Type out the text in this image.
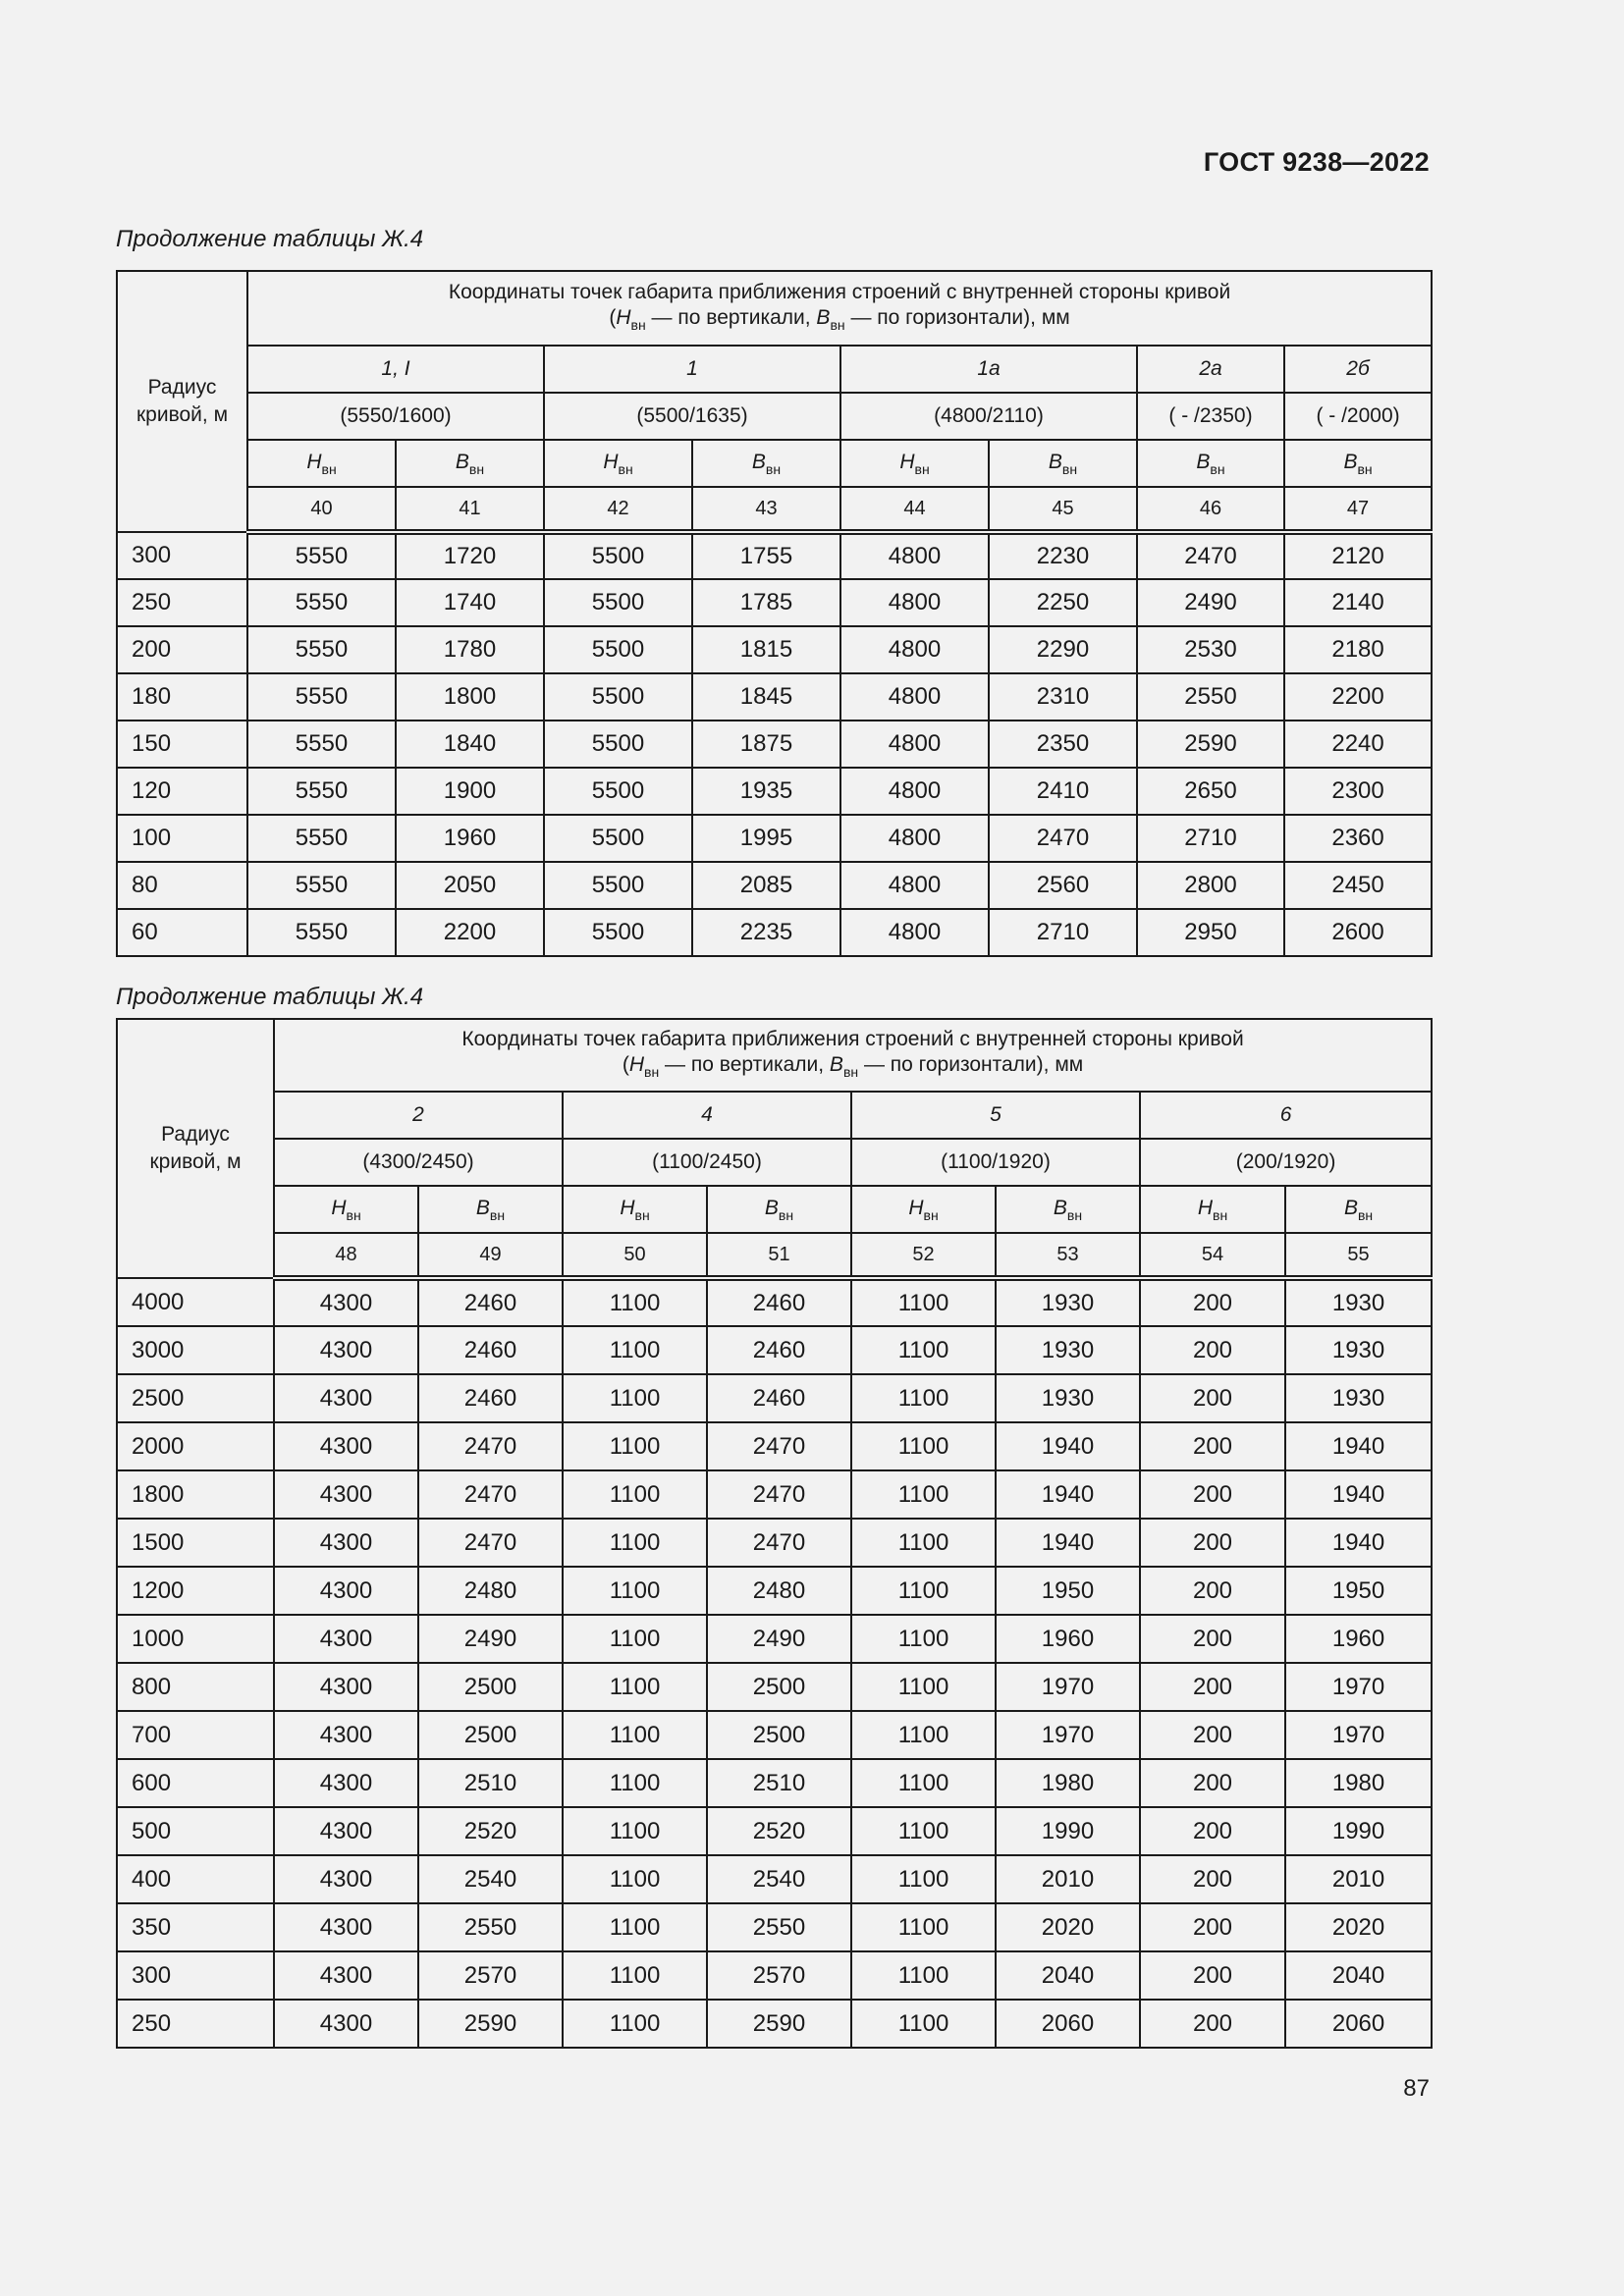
ГОСТ 9238—2022
Продолжение таблицы Ж.4
Радиус кривой, м	Координаты точек габарита приближения строений с внутренней стороны кривой
($H_{вн}$ — по вертикали, $B_{вн}$ — по горизонтали), мм							
	1, I		1		1а		2а	2б
	(5550/1600)		(5500/1635)		(4800/2110)		( - /2350)	( - /2000)
	$H_{вн}$	$B_{вн}$	$H_{вн}$	$B_{вн}$	$H_{вн}$	$B_{вн}$	$B_{вн}$	$B_{вн}$
	40	41	42	43	44	45	46	47
300	5550	1720	5500	1755	4800	2230	2470	2120
250	5550	1740	5500	1785	4800	2250	2490	2140
200	5550	1780	5500	1815	4800	2290	2530	2180
180	5550	1800	5500	1845	4800	2310	2550	2200
150	5550	1840	5500	1875	4800	2350	2590	2240
120	5550	1900	5500	1935	4800	2410	2650	2300
100	5550	1960	5500	1995	4800	2470	2710	2360
80	5550	2050	5500	2085	4800	2560	2800	2450
60	5550	2200	5500	2235	4800	2710	2950	2600
Продолжение таблицы Ж.4
Радиус кривой, м	Координаты точек габарита приближения строений с внутренней стороны кривой
($H_{вн}$ — по вертикали, $B_{вн}$ — по горизонтали), мм							
	2		4		5		6	
	(4300/2450)		(1100/2450)		(1100/1920)		(200/1920)	
	$H_{вн}$	$B_{вн}$	$H_{вн}$	$B_{вн}$	$H_{вн}$	$B_{вн}$	$H_{вн}$	$B_{вн}$
	48	49	50	51	52	53	54	55
4000	4300	2460	1100	2460	1100	1930	200	1930
3000	4300	2460	1100	2460	1100	1930	200	1930
2500	4300	2460	1100	2460	1100	1930	200	1930
2000	4300	2470	1100	2470	1100	1940	200	1940
1800	4300	2470	1100	2470	1100	1940	200	1940
1500	4300	2470	1100	2470	1100	1940	200	1940
1200	4300	2480	1100	2480	1100	1950	200	1950
1000	4300	2490	1100	2490	1100	1960	200	1960
800	4300	2500	1100	2500	1100	1970	200	1970
700	4300	2500	1100	2500	1100	1970	200	1970
600	4300	2510	1100	2510	1100	1980	200	1980
500	4300	2520	1100	2520	1100	1990	200	1990
400	4300	2540	1100	2540	1100	2010	200	2010
350	4300	2550	1100	2550	1100	2020	200	2020
300	4300	2570	1100	2570	1100	2040	200	2040
250	4300	2590	1100	2590	1100	2060	200	2060
87
